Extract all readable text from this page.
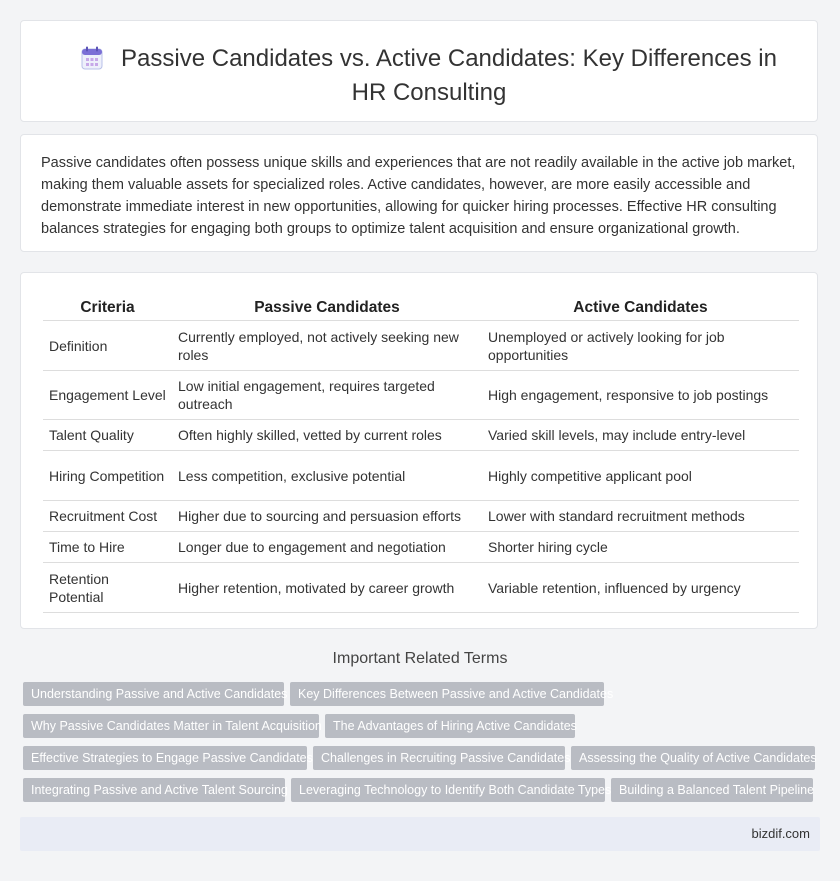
Passive Candidates vs. Active Candidates: Key Differences in HR Consulting

Passive candidates often possess unique skills and experiences that are not readily available in the active job market, making them valuable assets for specialized roles. Active candidates, however, are more easily accessible and demonstrate immediate interest in new opportunities, allowing for quicker hiring processes. Effective HR consulting balances strategies for engaging both groups to optimize talent acquisition and ensure organizational growth.

Criteria	Passive Candidates	Active Candidates
Definition	Currently employed, not actively seeking new roles	Unemployed or actively looking for job opportunities
Engagement Level	Low initial engagement, requires targeted outreach	High engagement, responsive to job postings
Talent Quality	Often highly skilled, vetted by current roles	Varied skill levels, may include entry-level
Hiring Competition	Less competition, exclusive potential	Highly competitive applicant pool
Recruitment Cost	Higher due to sourcing and persuasion efforts	Lower with standard recruitment methods
Time to Hire	Longer due to engagement and negotiation	Shorter hiring cycle
Retention Potential	Higher retention, motivated by career growth	Variable retention, influenced by urgency
Important Related Terms
Understanding Passive and Active Candidates Key Differences Between Passive and Active Candidates
Why Passive Candidates Matter in Talent Acquisition The Advantages of Hiring Active Candidates
Effective Strategies to Engage Passive Candidates Challenges in Recruiting Passive Candidates Assessing the Quality of Active Candidates
Integrating Passive and Active Talent Sourcing Leveraging Technology to Identify Both Candidate Types Building a Balanced Talent Pipeline
bizdif.com
